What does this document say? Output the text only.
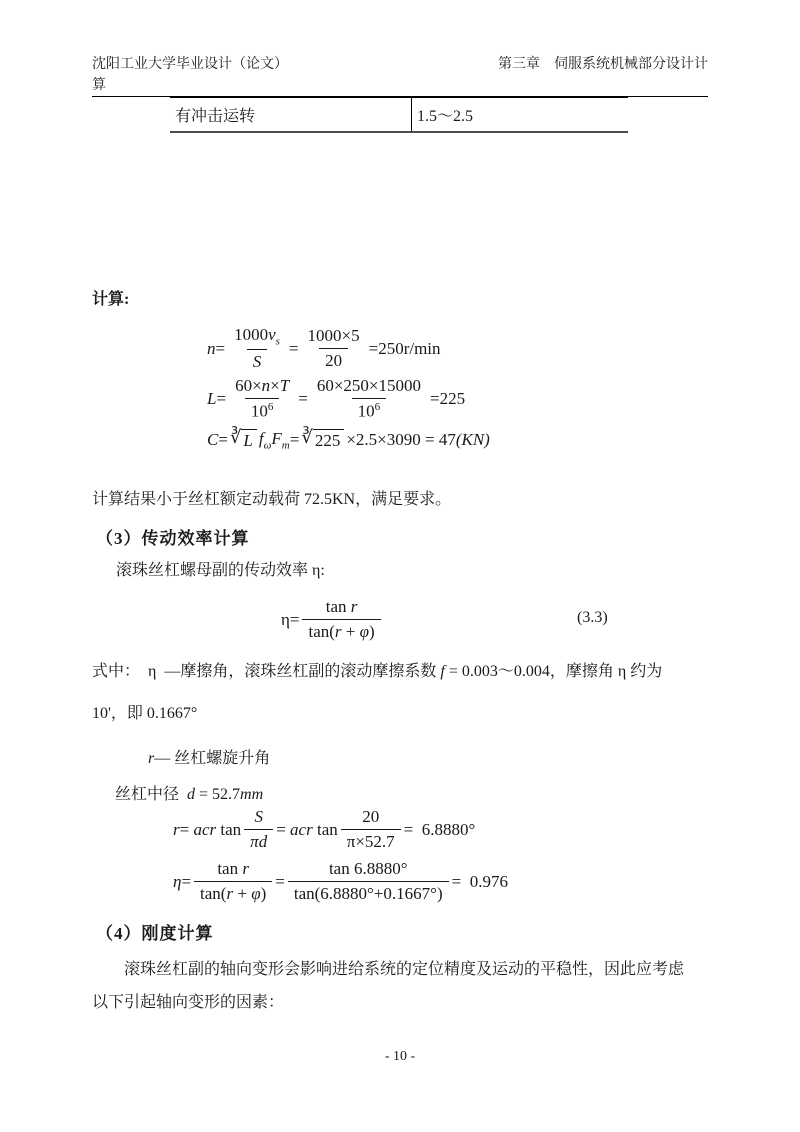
沈阳工业大学毕业设计（论文）	第三章　伺服系统机械部分设计计
算
有冲击运转	1.5～2.5
计算:
$n = \frac{1000v_s}{S} = \frac{1000\times 5}{20} =250r/\min$
$L = \frac{60\times n\times T}{10^6} = \frac{60\times 250\times 15000}{10^6} =225$
C = ∛ L $f_\omega F_m$ = ∛ 225 ×2.5×3090 = 47 (KN)
计算结果小于丝杠额定动载荷 72.5KN，满足要求。
（3）传动效率计算
滚珠丝杠螺母副的传动效率 η:
$\eta = \frac{\text{tan r}}{\tan(r + \varphi)}$	(3.3)
式中：  η  —摩擦角，滚珠丝杠副的滚动摩擦系数 f = 0.003～0.004，摩擦角 η 约为
10'，即 0.1667°
r— 丝杠螺旋升角
丝杠中径  d = 52.7mm
r = acr $\tan \frac{S}{\pi d}$ = acr $\tan \frac{20}{\pi\times 52.7} = 6.8880^\circ$
$\eta = \frac{\text{tan r}}{\tan(r + \varphi)} = \frac{\tan 6.8880^\circ}{\tan(6.8880^\circ+0.1667^\circ)} = 0.976$
（4）刚度计算
滚珠丝杠副的轴向变形会影响进给系统的定位精度及运动的平稳性，因此应考虑
以下引起轴向变形的因素：
- 10 -
